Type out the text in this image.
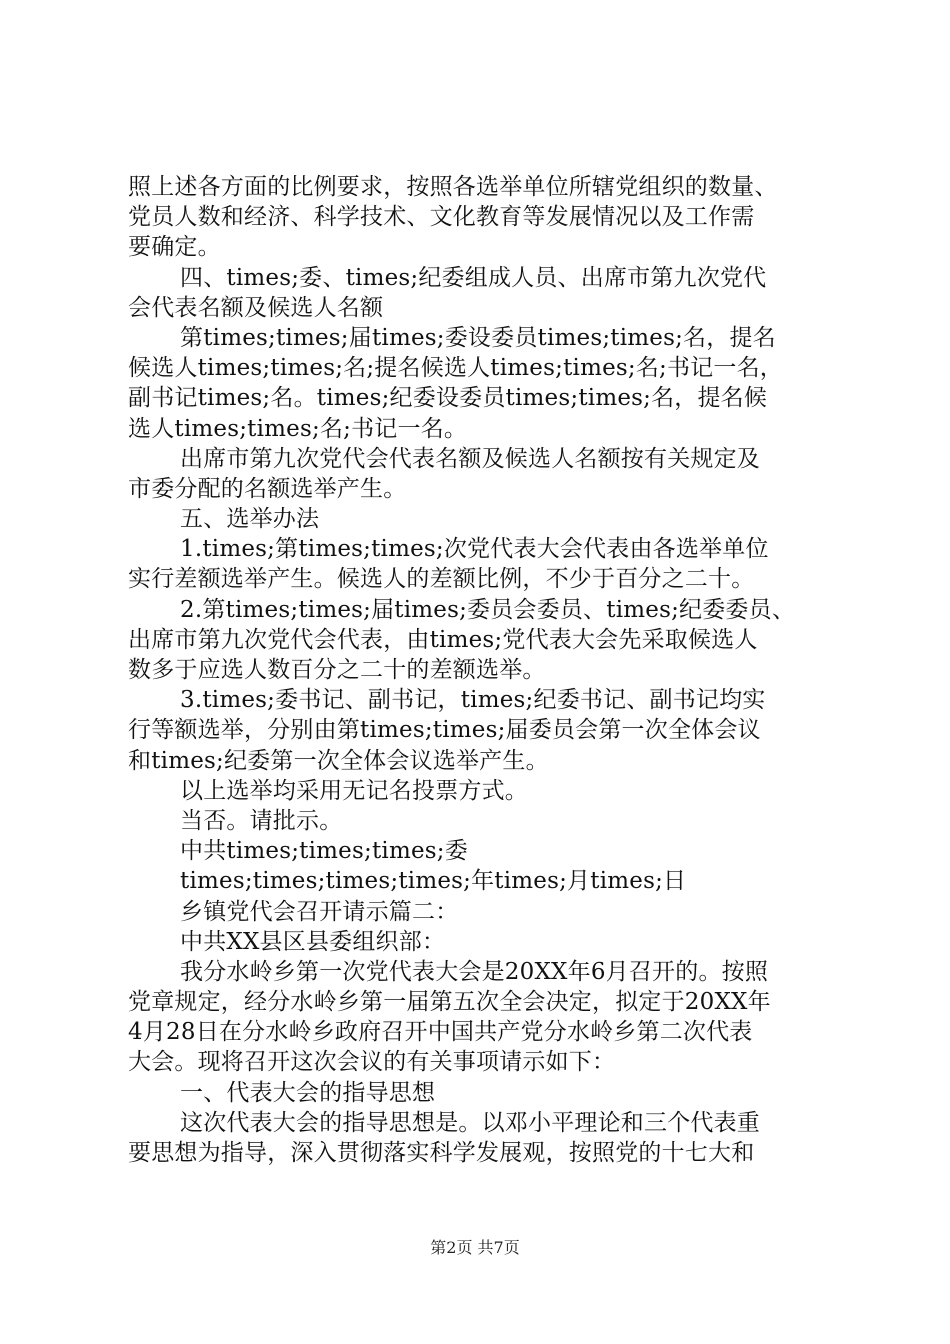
照上述各方面的比例要求，按照各选举单位所辖党组织的数量、
党员人数和经济、科学技术、文化教育等发展情况以及工作需
要确定。
四、times;委、times;纪委组成人员、出席市第九次党代
会代表名额及候选人名额
第times;times;届times;委设委员times;times;名，提名
候选人times;times;名;提名候选人times;times;名;书记一名，
副书记times;名。times;纪委设委员times;times;名，提名候
选人times;times;名;书记一名。
出席市第九次党代会代表名额及候选人名额按有关规定及
市委分配的名额选举产生。
五、选举办法
1.times;第times;times;次党代表大会代表由各选举单位
实行差额选举产生。候选人的差额比例，不少于百分之二十。
2.第times;times;届times;委员会委员、times;纪委委员、
出席市第九次党代会代表，由times;党代表大会先采取候选人
数多于应选人数百分之二十的差额选举。
3.times;委书记、副书记，times;纪委书记、副书记均实
行等额选举，分别由第times;times;届委员会第一次全体会议
和times;纪委第一次全体会议选举产生。
以上选举均采用无记名投票方式。
当否。请批示。
中共times;times;times;委
times;times;times;times;年times;月times;日
乡镇党代会召开请示篇二：
中共XX县区县委组织部：
我分水岭乡第一次党代表大会是20XX年6月召开的。按照
党章规定，经分水岭乡第一届第五次全会决定，拟定于20XX年
4月28日在分水岭乡政府召开中国共产党分水岭乡第二次代表
大会。现将召开这次会议的有关事项请示如下：
一、代表大会的指导思想
这次代表大会的指导思想是。以邓小平理论和三个代表重
要思想为指导，深入贯彻落实科学发展观，按照党的十七大和
第2页 共7页
